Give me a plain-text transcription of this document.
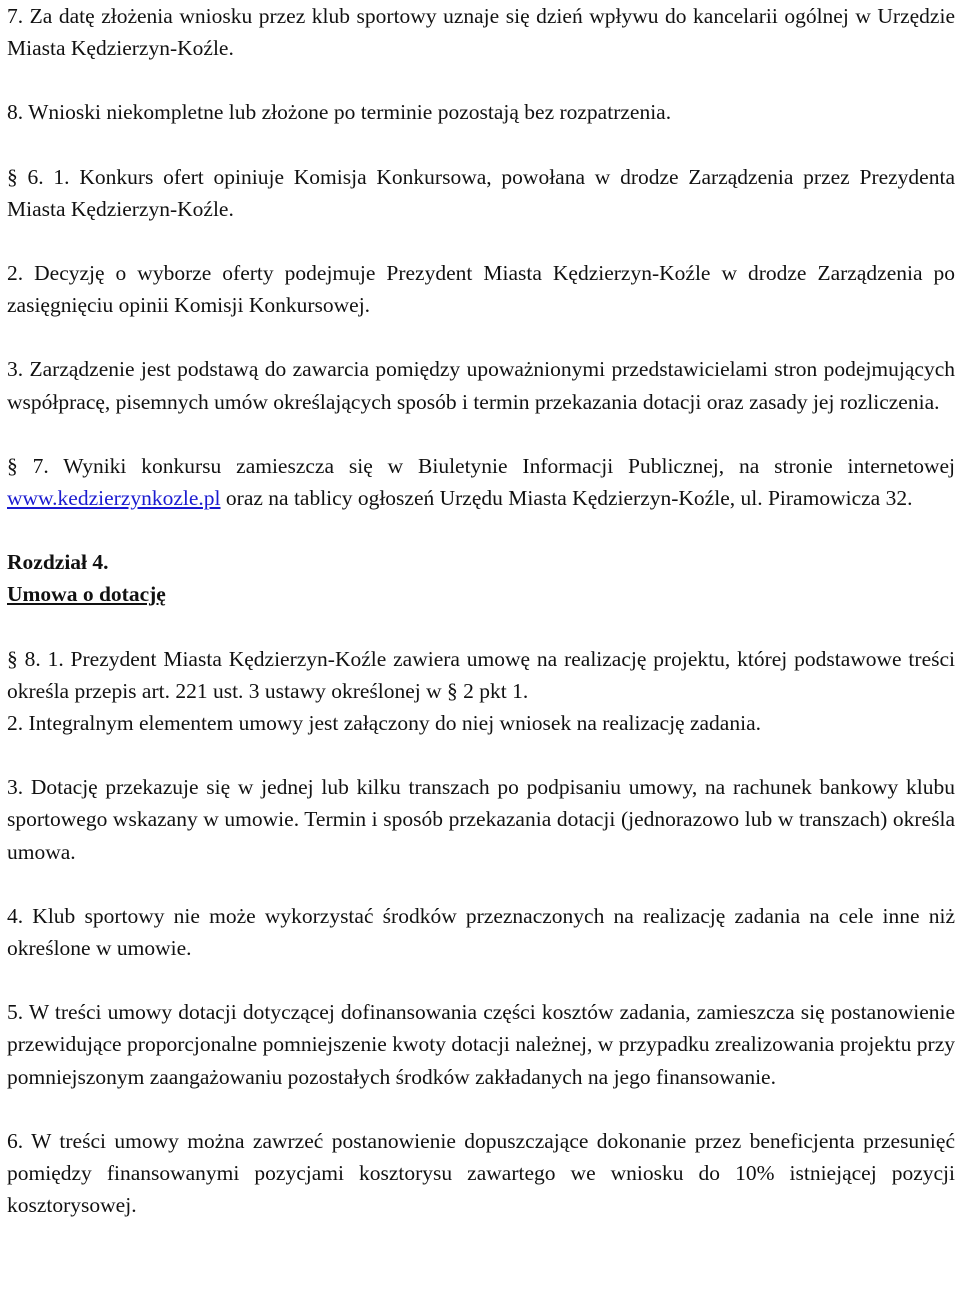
7. Za datę złożenia wniosku przez klub sportowy uznaje się dzień wpływu do kancelarii ogólnej w Urzędzie Miasta Kędzierzyn-Koźle.

8. Wnioski niekompletne lub złożone po terminie pozostają bez rozpatrzenia.

§ 6. 1. Konkurs ofert opiniuje Komisja Konkursowa, powołana w drodze Zarządzenia przez Prezydenta Miasta Kędzierzyn-Koźle.

2. Decyzję o wyborze oferty podejmuje Prezydent Miasta Kędzierzyn-Koźle w drodze Zarządzenia po zasięgnięciu opinii Komisji Konkursowej.

3. Zarządzenie jest podstawą do zawarcia pomiędzy upoważnionymi przedstawicielami stron podejmujących współpracę, pisemnych umów określających sposób i termin przekazania dotacji oraz zasady jej rozliczenia.

§ 7. Wyniki konkursu zamieszcza się w Biuletynie Informacji Publicznej, na stronie internetowej www.kedzierzynkozle.pl oraz na tablicy ogłoszeń Urzędu Miasta Kędzierzyn-Koźle, ul. Piramowicza 32.

Rozdział 4.

Umowa o dotację

§ 8. 1. Prezydent Miasta Kędzierzyn-Koźle zawiera umowę na realizację projektu, której podstawowe treści określa przepis art. 221 ust. 3 ustawy określonej w § 2 pkt 1.

2. Integralnym elementem umowy jest załączony do niej wniosek na realizację zadania.

3. Dotację przekazuje się w jednej lub kilku transzach po podpisaniu umowy, na rachunek bankowy klubu sportowego wskazany w umowie. Termin i sposób przekazania dotacji (jednorazowo lub w transzach) określa umowa.

4. Klub sportowy nie może wykorzystać środków przeznaczonych na realizację zadania na cele inne niż określone w umowie.

5. W treści umowy dotacji dotyczącej dofinansowania części kosztów zadania, zamieszcza się postanowienie przewidujące proporcjonalne pomniejszenie kwoty dotacji należnej, w przypadku zrealizowania projektu przy pomniejszonym zaangażowaniu pozostałych środków zakładanych na jego finansowanie.

6. W treści umowy można zawrzeć postanowienie dopuszczające dokonanie przez beneficjenta przesunięć pomiędzy finansowanymi pozycjami kosztorysu zawartego we wniosku do 10% istniejącej pozycji kosztorysowej.
